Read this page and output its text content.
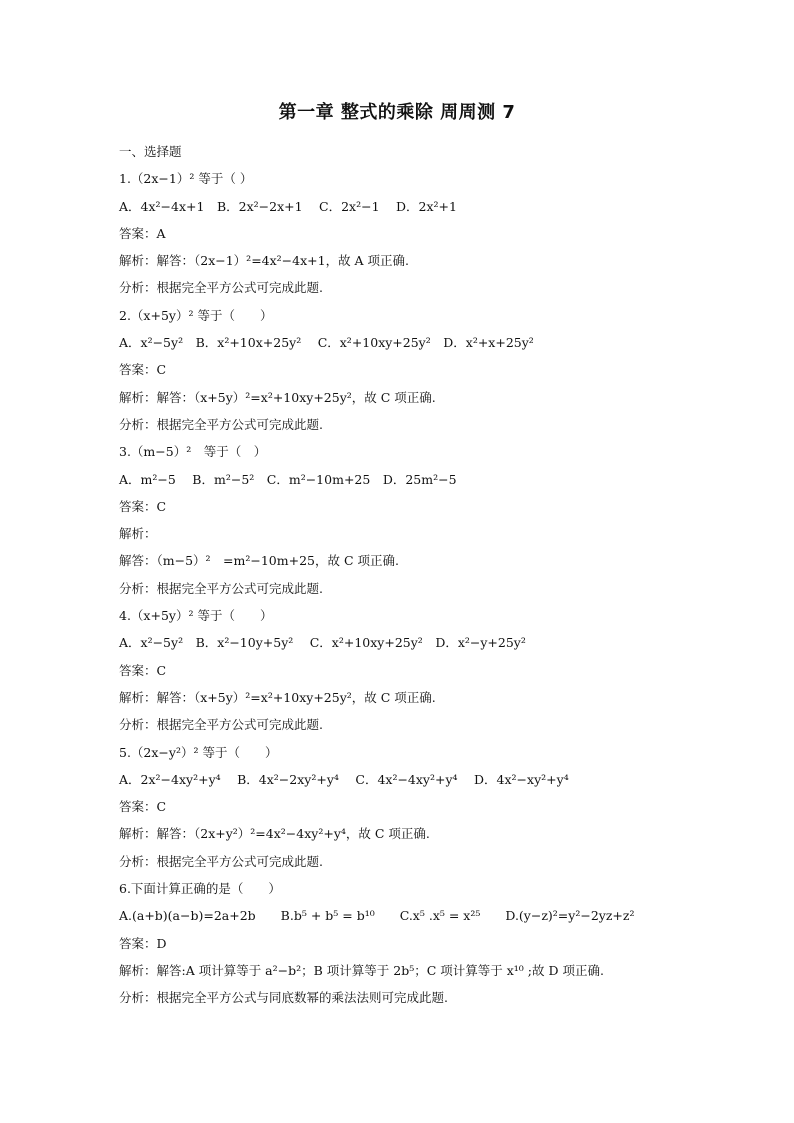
第一章 整式的乘除 周周测 7
一、选择题
1.（2x−1）² 等于（ ）
A．4x²−4x+1　B．2x²−2x+1　 C．2x²−1　 D．2x²+1
答案：A
解析：解答：（2x−1）²=4x²−4x+1，故 A 项正确.
分析：根据完全平方公式可完成此题.
2.（x+5y）² 等于（　　）
A．x²−5y²　B．x²+10x+25y²　 C．x²+10xy+25y²　D．x²+x+25y²
答案：C
解析：解答：（x+5y）²=x²+10xy+25y²，故 C 项正确.
分析：根据完全平方公式可完成此题.
3.（m−5）²　等于（　）
A．m²−5　 B．m²−5²　C．m²−10m+25　D．25m²−5
答案：C
解析：
解答：（m−5）²　=m²−10m+25，故 C 项正确.
分析：根据完全平方公式可完成此题.
4.（x+5y）² 等于（　　）
A．x²−5y²　B．x²−10y+5y²　 C．x²+10xy+25y²　D．x²−y+25y²
答案：C
解析：解答：（x+5y）²=x²+10xy+25y²，故 C 项正确.
分析：根据完全平方公式可完成此题.
5.（2x−y²）² 等于（　　）
A．2x²−4xy²+y⁴　 B．4x²−2xy²+y⁴　 C．4x²−4xy²+y⁴　 D．4x²−xy²+y⁴
答案：C
解析：解答：（2x+y²）²=4x²−4xy²+y⁴，故 C 项正确.
分析：根据完全平方公式可完成此题.
6.下面计算正确的是（　　）
A.(a+b)(a−b)=2a+2b　　B.b⁵ + b⁵ = b¹⁰　　C.x⁵ .x⁵ = x²⁵　　D.(y−z)²=y²−2yz+z²
答案：D
解析：解答:A 项计算等于 a²−b²；B 项计算等于 2b⁵；C 项计算等于 x¹⁰ ;故 D 项正确.
分析：根据完全平方公式与同底数幂的乘法法则可完成此题.
